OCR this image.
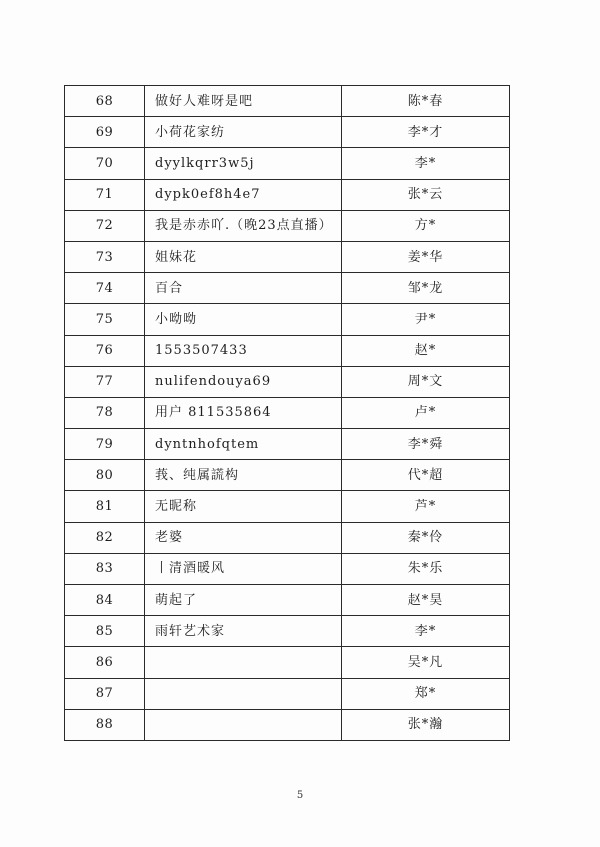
68	做好人难呀是吧	陈*春
69	小荷花家纺	李*才
70	dyylkqrr3w5j	李*
71	dypk0ef8h4e7	张*云
72	我是赤赤吖.（晚23点直播）	方*
73	姐妹花	姜*华
74	百合	邹*龙
75	小呦呦	尹*
76	1553507433	赵*
77	nulifendouya69	周*文
78	用户 811535864	卢*
79	dyntnhofqtem	李*舜
80	莪、纯属謊构	代*超
81	无昵称	芦*
82	老婆	秦*伶
83	丨清酒暖风	朱*乐
84	萌起了	赵*昊
85	雨轩艺术家	李*
86		吴*凡
87		郑*
88		张*瀚
5
